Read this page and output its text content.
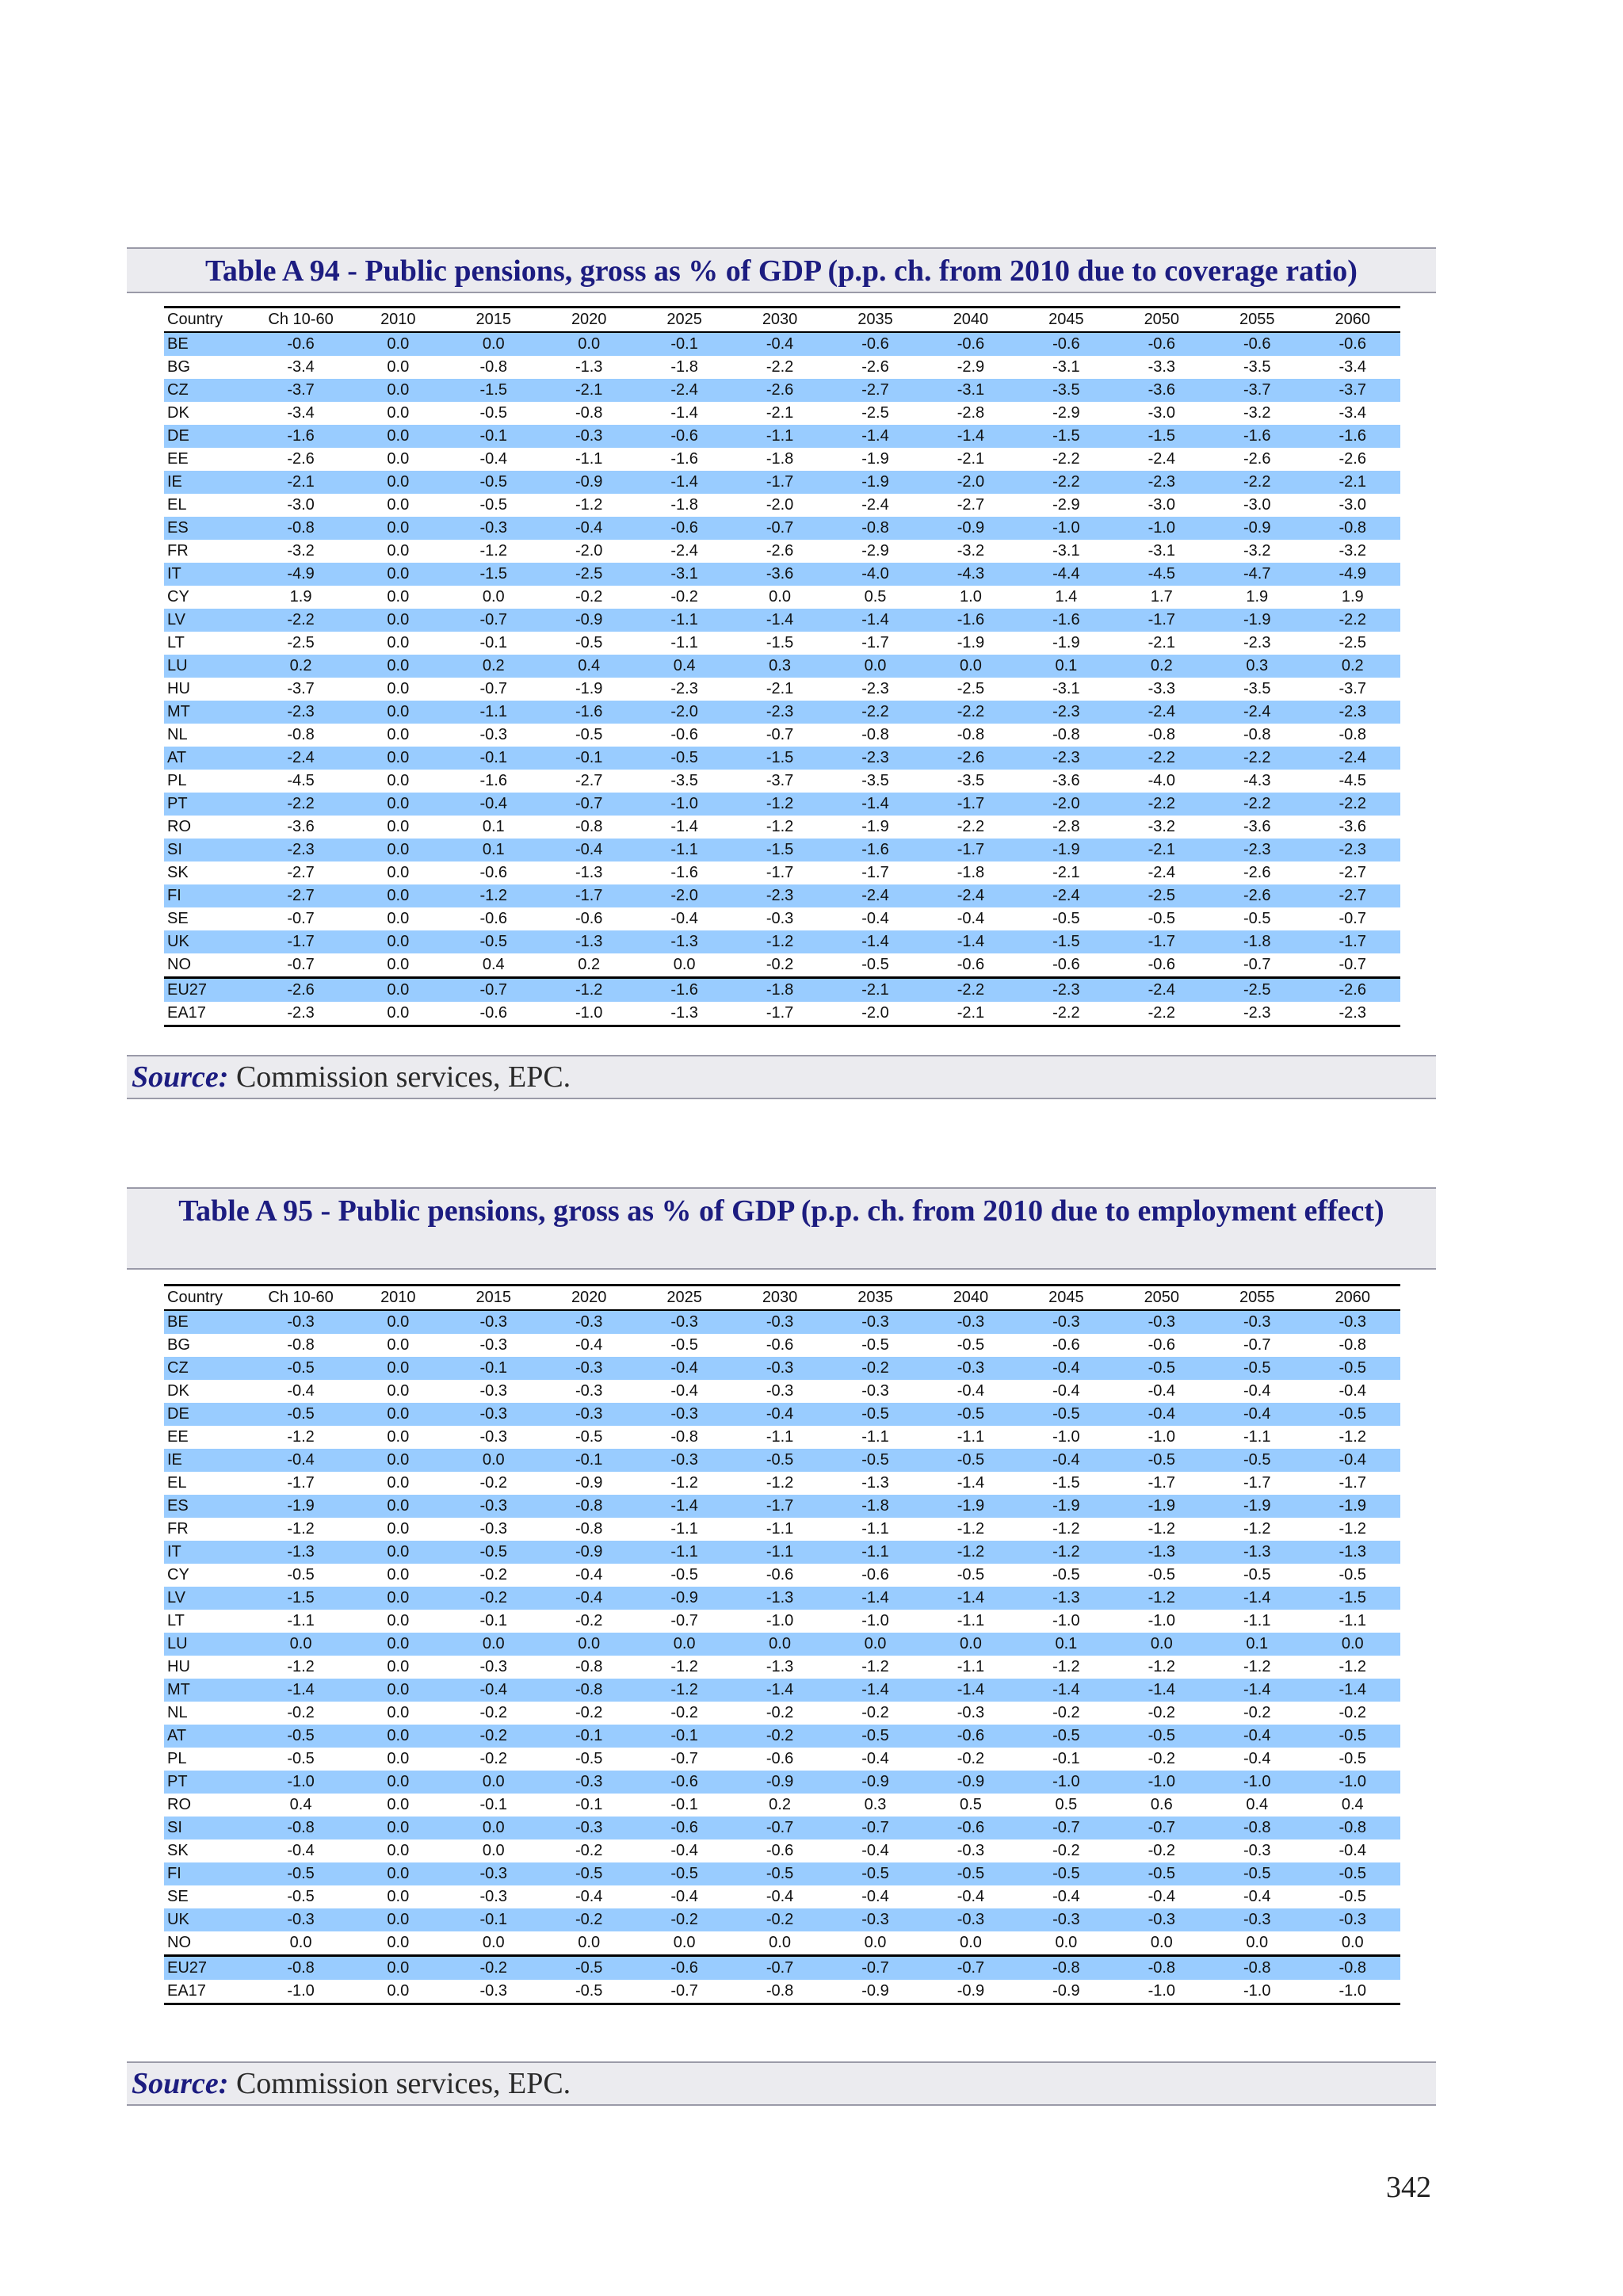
Table A 94 - Public pensions, gross as % of GDP (p.p. ch. from 2010 due to coverage ratio)
Country	Ch 10-60	2010	2015	2020	2025	2030	2035	2040	2045	2050	2055	2060
BE	-0.6	0.0	0.0	0.0	-0.1	-0.4	-0.6	-0.6	-0.6	-0.6	-0.6	-0.6
BG	-3.4	0.0	-0.8	-1.3	-1.8	-2.2	-2.6	-2.9	-3.1	-3.3	-3.5	-3.4
CZ	-3.7	0.0	-1.5	-2.1	-2.4	-2.6	-2.7	-3.1	-3.5	-3.6	-3.7	-3.7
DK	-3.4	0.0	-0.5	-0.8	-1.4	-2.1	-2.5	-2.8	-2.9	-3.0	-3.2	-3.4
DE	-1.6	0.0	-0.1	-0.3	-0.6	-1.1	-1.4	-1.4	-1.5	-1.5	-1.6	-1.6
EE	-2.6	0.0	-0.4	-1.1	-1.6	-1.8	-1.9	-2.1	-2.2	-2.4	-2.6	-2.6
IE	-2.1	0.0	-0.5	-0.9	-1.4	-1.7	-1.9	-2.0	-2.2	-2.3	-2.2	-2.1
EL	-3.0	0.0	-0.5	-1.2	-1.8	-2.0	-2.4	-2.7	-2.9	-3.0	-3.0	-3.0
ES	-0.8	0.0	-0.3	-0.4	-0.6	-0.7	-0.8	-0.9	-1.0	-1.0	-0.9	-0.8
FR	-3.2	0.0	-1.2	-2.0	-2.4	-2.6	-2.9	-3.2	-3.1	-3.1	-3.2	-3.2
IT	-4.9	0.0	-1.5	-2.5	-3.1	-3.6	-4.0	-4.3	-4.4	-4.5	-4.7	-4.9
CY	1.9	0.0	0.0	-0.2	-0.2	0.0	0.5	1.0	1.4	1.7	1.9	1.9
LV	-2.2	0.0	-0.7	-0.9	-1.1	-1.4	-1.4	-1.6	-1.6	-1.7	-1.9	-2.2
LT	-2.5	0.0	-0.1	-0.5	-1.1	-1.5	-1.7	-1.9	-1.9	-2.1	-2.3	-2.5
LU	0.2	0.0	0.2	0.4	0.4	0.3	0.0	0.0	0.1	0.2	0.3	0.2
HU	-3.7	0.0	-0.7	-1.9	-2.3	-2.1	-2.3	-2.5	-3.1	-3.3	-3.5	-3.7
MT	-2.3	0.0	-1.1	-1.6	-2.0	-2.3	-2.2	-2.2	-2.3	-2.4	-2.4	-2.3
NL	-0.8	0.0	-0.3	-0.5	-0.6	-0.7	-0.8	-0.8	-0.8	-0.8	-0.8	-0.8
AT	-2.4	0.0	-0.1	-0.1	-0.5	-1.5	-2.3	-2.6	-2.3	-2.2	-2.2	-2.4
PL	-4.5	0.0	-1.6	-2.7	-3.5	-3.7	-3.5	-3.5	-3.6	-4.0	-4.3	-4.5
PT	-2.2	0.0	-0.4	-0.7	-1.0	-1.2	-1.4	-1.7	-2.0	-2.2	-2.2	-2.2
RO	-3.6	0.0	0.1	-0.8	-1.4	-1.2	-1.9	-2.2	-2.8	-3.2	-3.6	-3.6
SI	-2.3	0.0	0.1	-0.4	-1.1	-1.5	-1.6	-1.7	-1.9	-2.1	-2.3	-2.3
SK	-2.7	0.0	-0.6	-1.3	-1.6	-1.7	-1.7	-1.8	-2.1	-2.4	-2.6	-2.7
FI	-2.7	0.0	-1.2	-1.7	-2.0	-2.3	-2.4	-2.4	-2.4	-2.5	-2.6	-2.7
SE	-0.7	0.0	-0.6	-0.6	-0.4	-0.3	-0.4	-0.4	-0.5	-0.5	-0.5	-0.7
UK	-1.7	0.0	-0.5	-1.3	-1.3	-1.2	-1.4	-1.4	-1.5	-1.7	-1.8	-1.7
NO	-0.7	0.0	0.4	0.2	0.0	-0.2	-0.5	-0.6	-0.6	-0.6	-0.7	-0.7
EU27	-2.6	0.0	-0.7	-1.2	-1.6	-1.8	-2.1	-2.2	-2.3	-2.4	-2.5	-2.6
EA17	-2.3	0.0	-0.6	-1.0	-1.3	-1.7	-2.0	-2.1	-2.2	-2.2	-2.3	-2.3
Source: Commission services, EPC.
Table A 95 - Public pensions, gross as % of GDP (p.p. ch. from 2010 due to employment effect)
Country	Ch 10-60	2010	2015	2020	2025	2030	2035	2040	2045	2050	2055	2060
BE	-0.3	0.0	-0.3	-0.3	-0.3	-0.3	-0.3	-0.3	-0.3	-0.3	-0.3	-0.3
BG	-0.8	0.0	-0.3	-0.4	-0.5	-0.6	-0.5	-0.5	-0.6	-0.6	-0.7	-0.8
CZ	-0.5	0.0	-0.1	-0.3	-0.4	-0.3	-0.2	-0.3	-0.4	-0.5	-0.5	-0.5
DK	-0.4	0.0	-0.3	-0.3	-0.4	-0.3	-0.3	-0.4	-0.4	-0.4	-0.4	-0.4
DE	-0.5	0.0	-0.3	-0.3	-0.3	-0.4	-0.5	-0.5	-0.5	-0.4	-0.4	-0.5
EE	-1.2	0.0	-0.3	-0.5	-0.8	-1.1	-1.1	-1.1	-1.0	-1.0	-1.1	-1.2
IE	-0.4	0.0	0.0	-0.1	-0.3	-0.5	-0.5	-0.5	-0.4	-0.5	-0.5	-0.4
EL	-1.7	0.0	-0.2	-0.9	-1.2	-1.2	-1.3	-1.4	-1.5	-1.7	-1.7	-1.7
ES	-1.9	0.0	-0.3	-0.8	-1.4	-1.7	-1.8	-1.9	-1.9	-1.9	-1.9	-1.9
FR	-1.2	0.0	-0.3	-0.8	-1.1	-1.1	-1.1	-1.2	-1.2	-1.2	-1.2	-1.2
IT	-1.3	0.0	-0.5	-0.9	-1.1	-1.1	-1.1	-1.2	-1.2	-1.3	-1.3	-1.3
CY	-0.5	0.0	-0.2	-0.4	-0.5	-0.6	-0.6	-0.5	-0.5	-0.5	-0.5	-0.5
LV	-1.5	0.0	-0.2	-0.4	-0.9	-1.3	-1.4	-1.4	-1.3	-1.2	-1.4	-1.5
LT	-1.1	0.0	-0.1	-0.2	-0.7	-1.0	-1.0	-1.1	-1.0	-1.0	-1.1	-1.1
LU	0.0	0.0	0.0	0.0	0.0	0.0	0.0	0.0	0.1	0.0	0.1	0.0
HU	-1.2	0.0	-0.3	-0.8	-1.2	-1.3	-1.2	-1.1	-1.2	-1.2	-1.2	-1.2
MT	-1.4	0.0	-0.4	-0.8	-1.2	-1.4	-1.4	-1.4	-1.4	-1.4	-1.4	-1.4
NL	-0.2	0.0	-0.2	-0.2	-0.2	-0.2	-0.2	-0.3	-0.2	-0.2	-0.2	-0.2
AT	-0.5	0.0	-0.2	-0.1	-0.1	-0.2	-0.5	-0.6	-0.5	-0.5	-0.4	-0.5
PL	-0.5	0.0	-0.2	-0.5	-0.7	-0.6	-0.4	-0.2	-0.1	-0.2	-0.4	-0.5
PT	-1.0	0.0	0.0	-0.3	-0.6	-0.9	-0.9	-0.9	-1.0	-1.0	-1.0	-1.0
RO	0.4	0.0	-0.1	-0.1	-0.1	0.2	0.3	0.5	0.5	0.6	0.4	0.4
SI	-0.8	0.0	0.0	-0.3	-0.6	-0.7	-0.7	-0.6	-0.7	-0.7	-0.8	-0.8
SK	-0.4	0.0	0.0	-0.2	-0.4	-0.6	-0.4	-0.3	-0.2	-0.2	-0.3	-0.4
FI	-0.5	0.0	-0.3	-0.5	-0.5	-0.5	-0.5	-0.5	-0.5	-0.5	-0.5	-0.5
SE	-0.5	0.0	-0.3	-0.4	-0.4	-0.4	-0.4	-0.4	-0.4	-0.4	-0.4	-0.5
UK	-0.3	0.0	-0.1	-0.2	-0.2	-0.2	-0.3	-0.3	-0.3	-0.3	-0.3	-0.3
NO	0.0	0.0	0.0	0.0	0.0	0.0	0.0	0.0	0.0	0.0	0.0	0.0
EU27	-0.8	0.0	-0.2	-0.5	-0.6	-0.7	-0.7	-0.7	-0.8	-0.8	-0.8	-0.8
EA17	-1.0	0.0	-0.3	-0.5	-0.7	-0.8	-0.9	-0.9	-0.9	-1.0	-1.0	-1.0
Source: Commission services, EPC.
342
